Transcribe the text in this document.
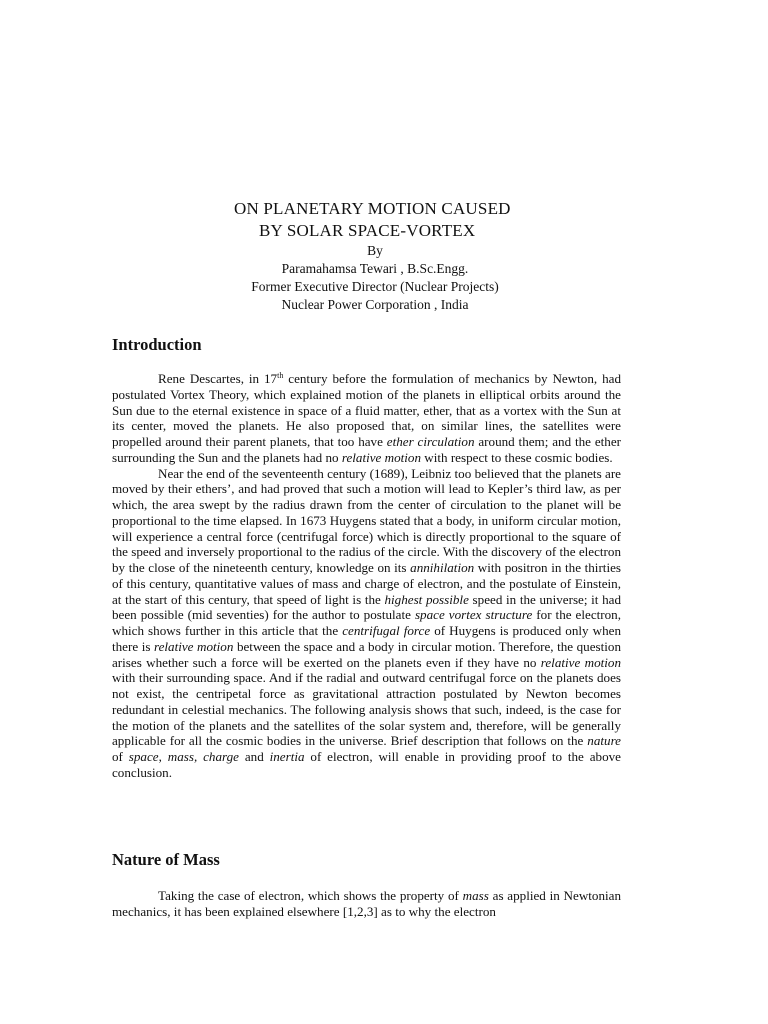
ON PLANETARY MOTION CAUSED
BY SOLAR SPACE-VORTEX
By
Paramahamsa Tewari , B.Sc.Engg.
Former Executive Director (Nuclear Projects)
Nuclear Power Corporation , India
Introduction

Rene Descartes, in 17th century before the formulation of mechanics by Newton, had postulated Vortex Theory, which explained motion of the planets in elliptical orbits around the Sun due to the eternal existence in space of a fluid matter, ether, that as a vortex with the Sun at its center, moved the planets. He also proposed that, on similar lines, the satellites were propelled around their parent planets, that too have ether circulation around them; and the ether surrounding the Sun and the planets had no relative motion with respect to these cosmic bodies.

Near the end of the seventeenth century (1689), Leibniz too believed that the planets are moved by their ethers’, and had proved that such a motion will lead to Kepler’s third law, as per which, the area swept by the radius drawn from the center of circulation to the planet will be proportional to the time elapsed. In 1673 Huygens stated that a body, in uniform circular motion, will experience a central force (centrifugal force) which is directly proportional to the square of the speed and inversely proportional to the radius of the circle. With the discovery of the electron by the close of the nineteenth century, knowledge on its annihilation with positron in the thirties of this century, quantitative values of mass and charge of electron, and the postulate of Einstein, at the start of this century, that speed of light is the highest possible speed in the universe; it had been possible (mid seventies) for the author to postulate space vortex structure for the electron, which shows further in this article that the centrifugal force of Huygens is produced only when there is relative motion between the space and a body in circular motion. Therefore, the question arises whether such a force will be exerted on the planets even if they have no relative motion with their surrounding space. And if the radial and outward centrifugal force on the planets does not exist, the centripetal force as gravitational attraction postulated by Newton becomes redundant in celestial mechanics. The following analysis shows that such, indeed, is the case for the motion of the planets and the satellites of the solar system and, therefore, will be generally applicable for all the cosmic bodies in the universe. Brief description that follows on the nature of space, mass, charge and inertia of electron, will enable in providing proof to the above conclusion.

Nature of Mass

Taking the case of electron, which shows the property of mass as applied in Newtonian mechanics, it has been explained elsewhere [1,2,3] as to why the electron
